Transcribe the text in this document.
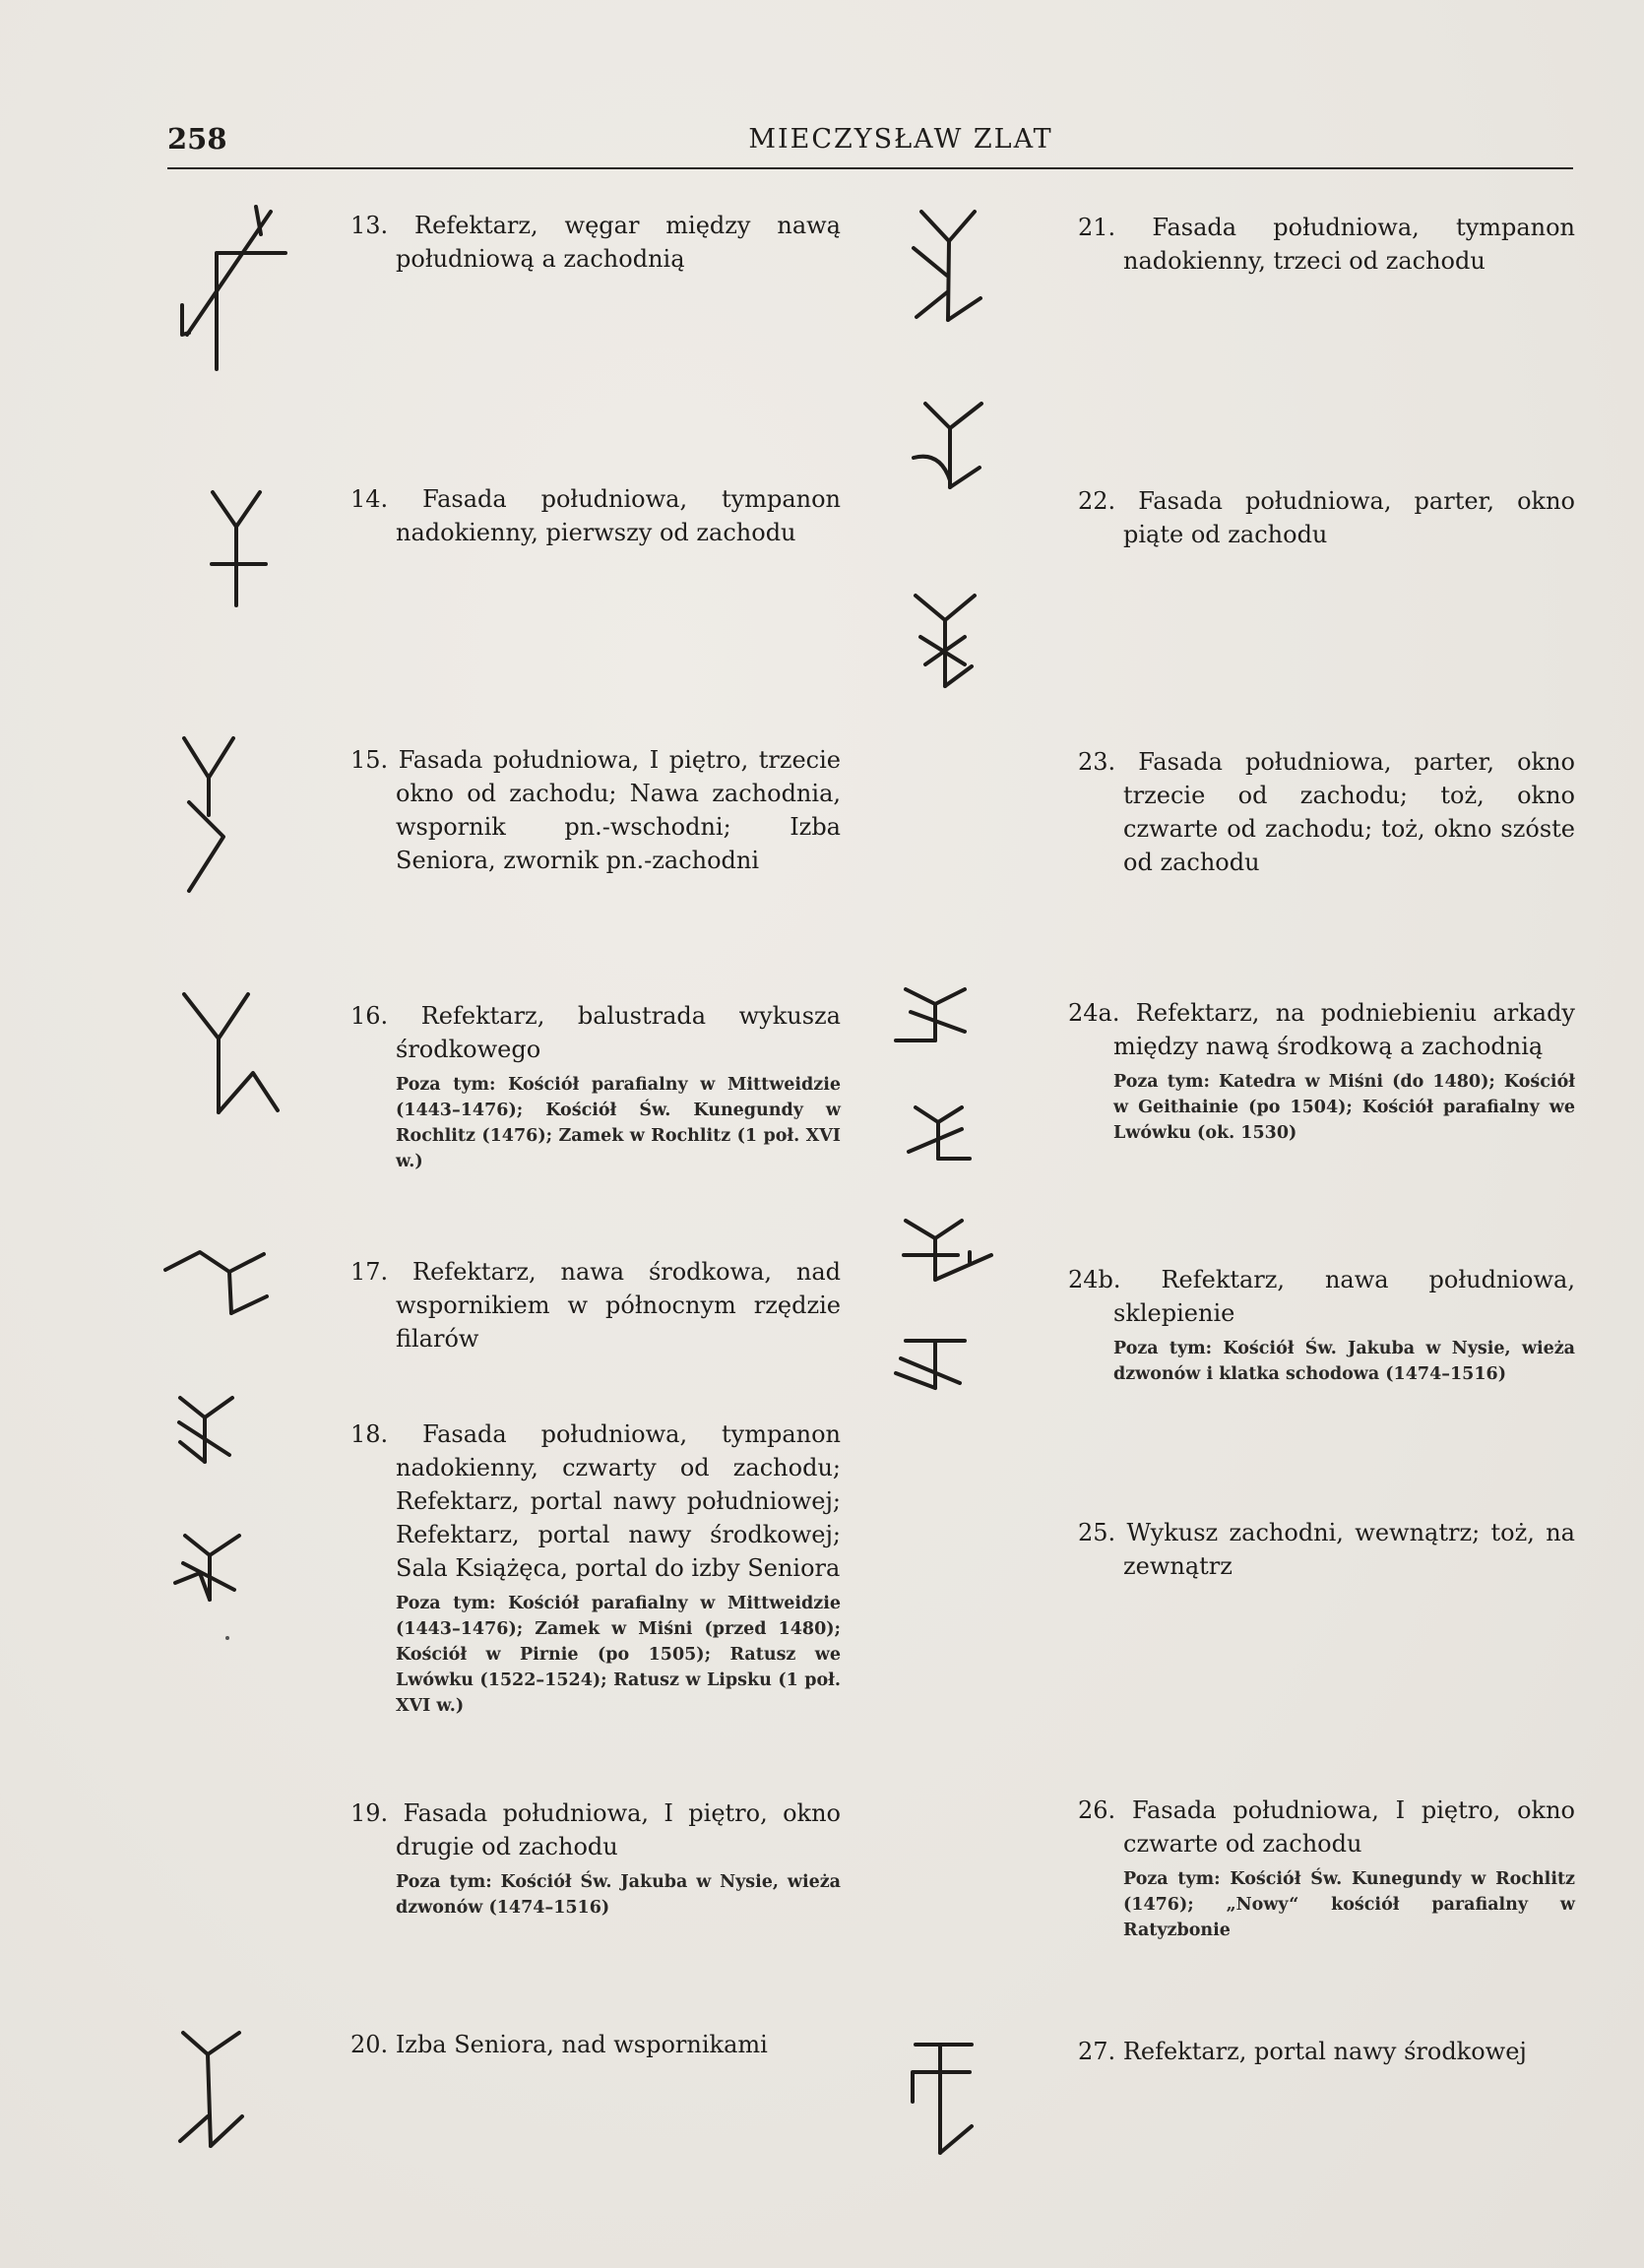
258	MIECZYSŁAW ZLAT
13. Refektarz, węgar między nawą południową a zachodnią
14. Fasada południowa, tympanon nadokienny, pierwszy od zachodu
15. Fasada południowa, I piętro, trzecie okno od zachodu; Nawa zachodnia, wspornik pn.-wschodni; Izba Seniora, zwornik pn.-zachodni
16. Refektarz, balustrada wykusza środkowego
Poza tym: Kościół parafialny w Mittweidzie (1443–1476); Kościół Św. Kunegundy w Rochlitz (1476); Zamek w Rochlitz (1 poł. XVI w.)
17. Refektarz, nawa środkowa, nad wspornikiem w północnym rzędzie filarów
18. Fasada południowa, tympanon nadokienny, czwarty od zachodu; Refektarz, portal nawy południowej; Refektarz, portal nawy środkowej; Sala Książęca, portal do izby Seniora
Poza tym: Kościół parafialny w Mittweidzie (1443–1476); Zamek w Miśni (przed 1480); Kościół w Pirnie (po 1505); Ratusz we Lwówku (1522–1524); Ratusz w Lipsku (1 poł. XVI w.)
19. Fasada południowa, I piętro, okno drugie od zachodu
Poza tym: Kościół Św. Jakuba w Nysie, wieża dzwonów (1474–1516)
20. Izba Seniora, nad wspornikami
21. Fasada południowa, tympanon nadokienny, trzeci od zachodu
22. Fasada południowa, parter, okno piąte od zachodu
23. Fasada południowa, parter, okno trzecie od zachodu; toż, okno czwarte od zachodu; toż, okno szóste od zachodu
24a. Refektarz, na podniebieniu arkady między nawą środkową a zachodnią
Poza tym: Katedra w Miśni (do 1480); Kościół w Geithainie (po 1504); Kościół parafialny we Lwówku (ok. 1530)
24b. Refektarz, nawa południowa, sklepienie
Poza tym: Kościół Św. Jakuba w Nysie, wieża dzwonów i klatka schodowa (1474–1516)
25. Wykusz zachodni, wewnątrz; toż, na zewnątrz
26. Fasada południowa, I piętro, okno czwarte od zachodu
Poza tym: Kościół Św. Kunegundy w Rochlitz (1476); „Nowy“ kościół parafialny w Ratyzbonie
27. Refektarz, portal nawy środkowej
